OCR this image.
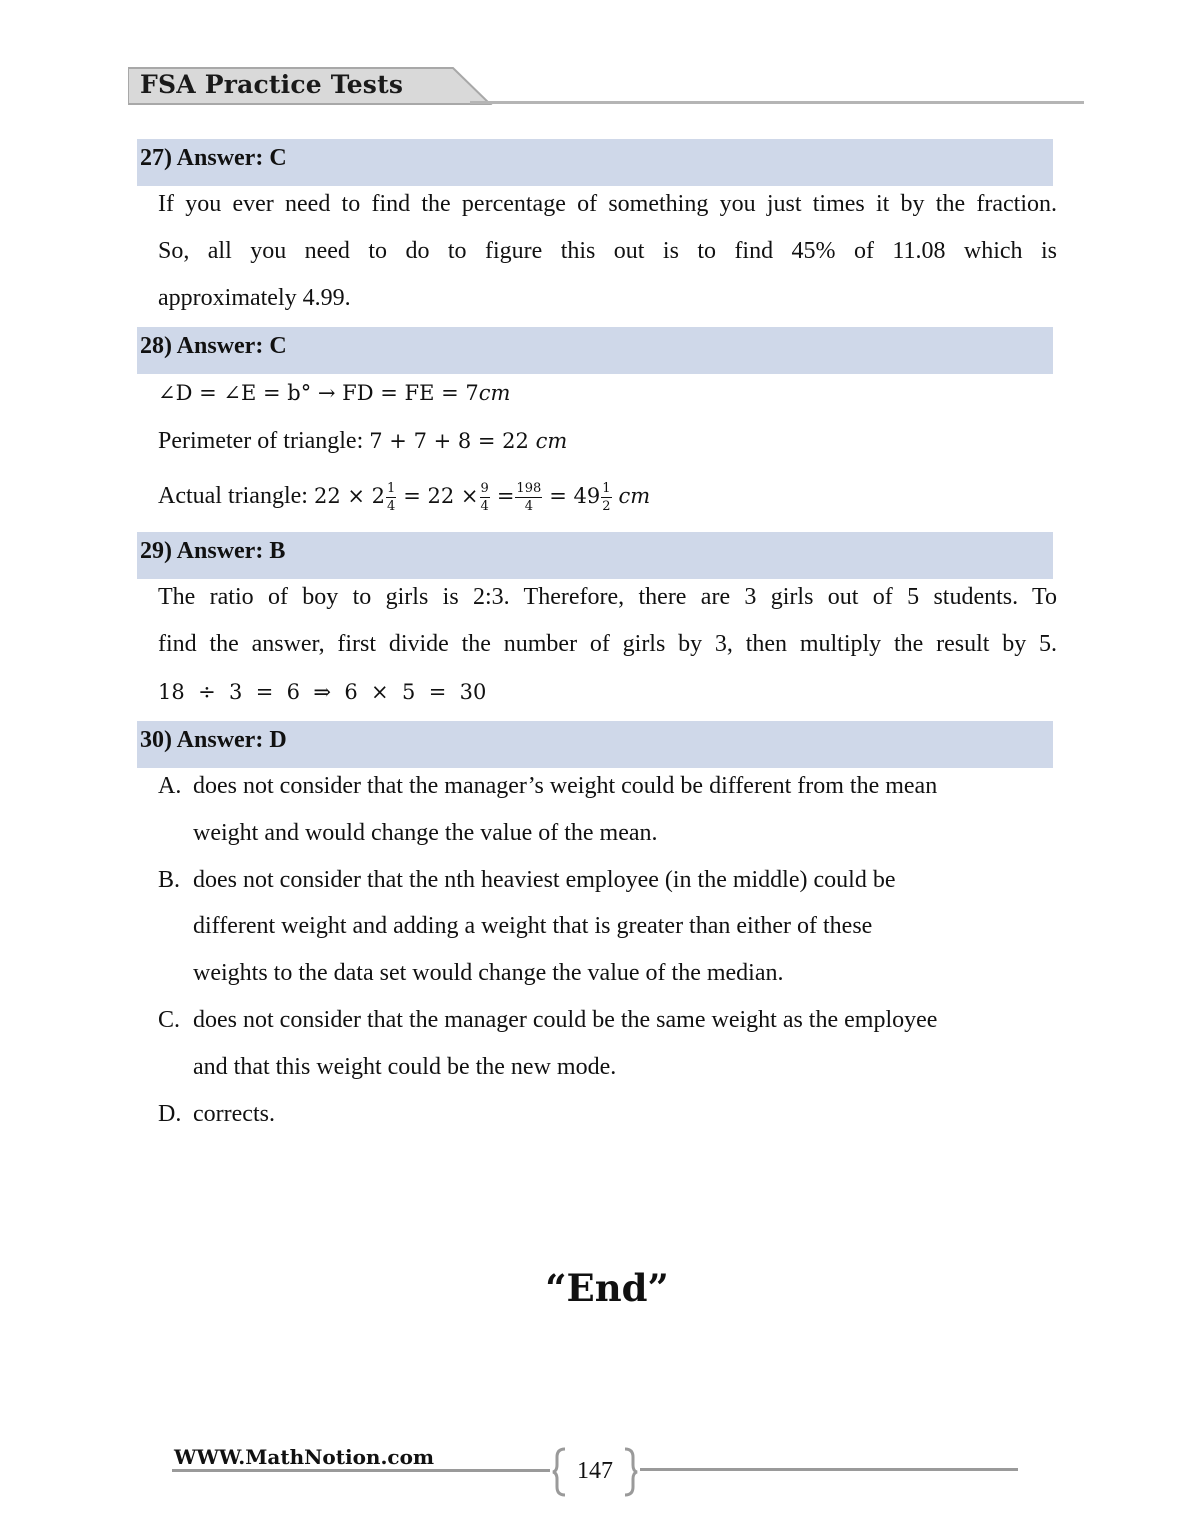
FSA Practice Tests
27) Answer: C
If you ever need to find the percentage of something you just times it by the fraction.
So, all you need to do to figure this out is to find 45% of 11.08 which is
approximately 4.99.
28) Answer: C
∠D = ∠E = b° → FD = FE = 7cm
Perimeter of triangle: 7 + 7 + 8 = 22 cm
Actual triangle: $22 \times 2 \frac{1}{4} = 22 \times \frac{9}{4} = \frac{198}{4} = 49 \frac{1}{2}$ cm
29) Answer: B
The ratio of boy to girls is 2:3. Therefore, there are 3 girls out of 5 students. To
find the answer, first divide the number of girls by 3, then multiply the result by 5.
18  ÷  3  =  6  ⇒  6  ×  5  =  30
30) Answer: D
A. does not consider that the manager’s weight could be different from the mean
weight and would change the value of the mean.
B. does not consider that the nth heaviest employee (in the middle) could be
different weight and adding a weight that is greater than either of these
weights to the data set would change the value of the median.
C. does not consider that the manager could be the same weight as the employee
and that this weight could be the new mode.
D. corrects.
“End”
WWW.MathNotion.com
147
